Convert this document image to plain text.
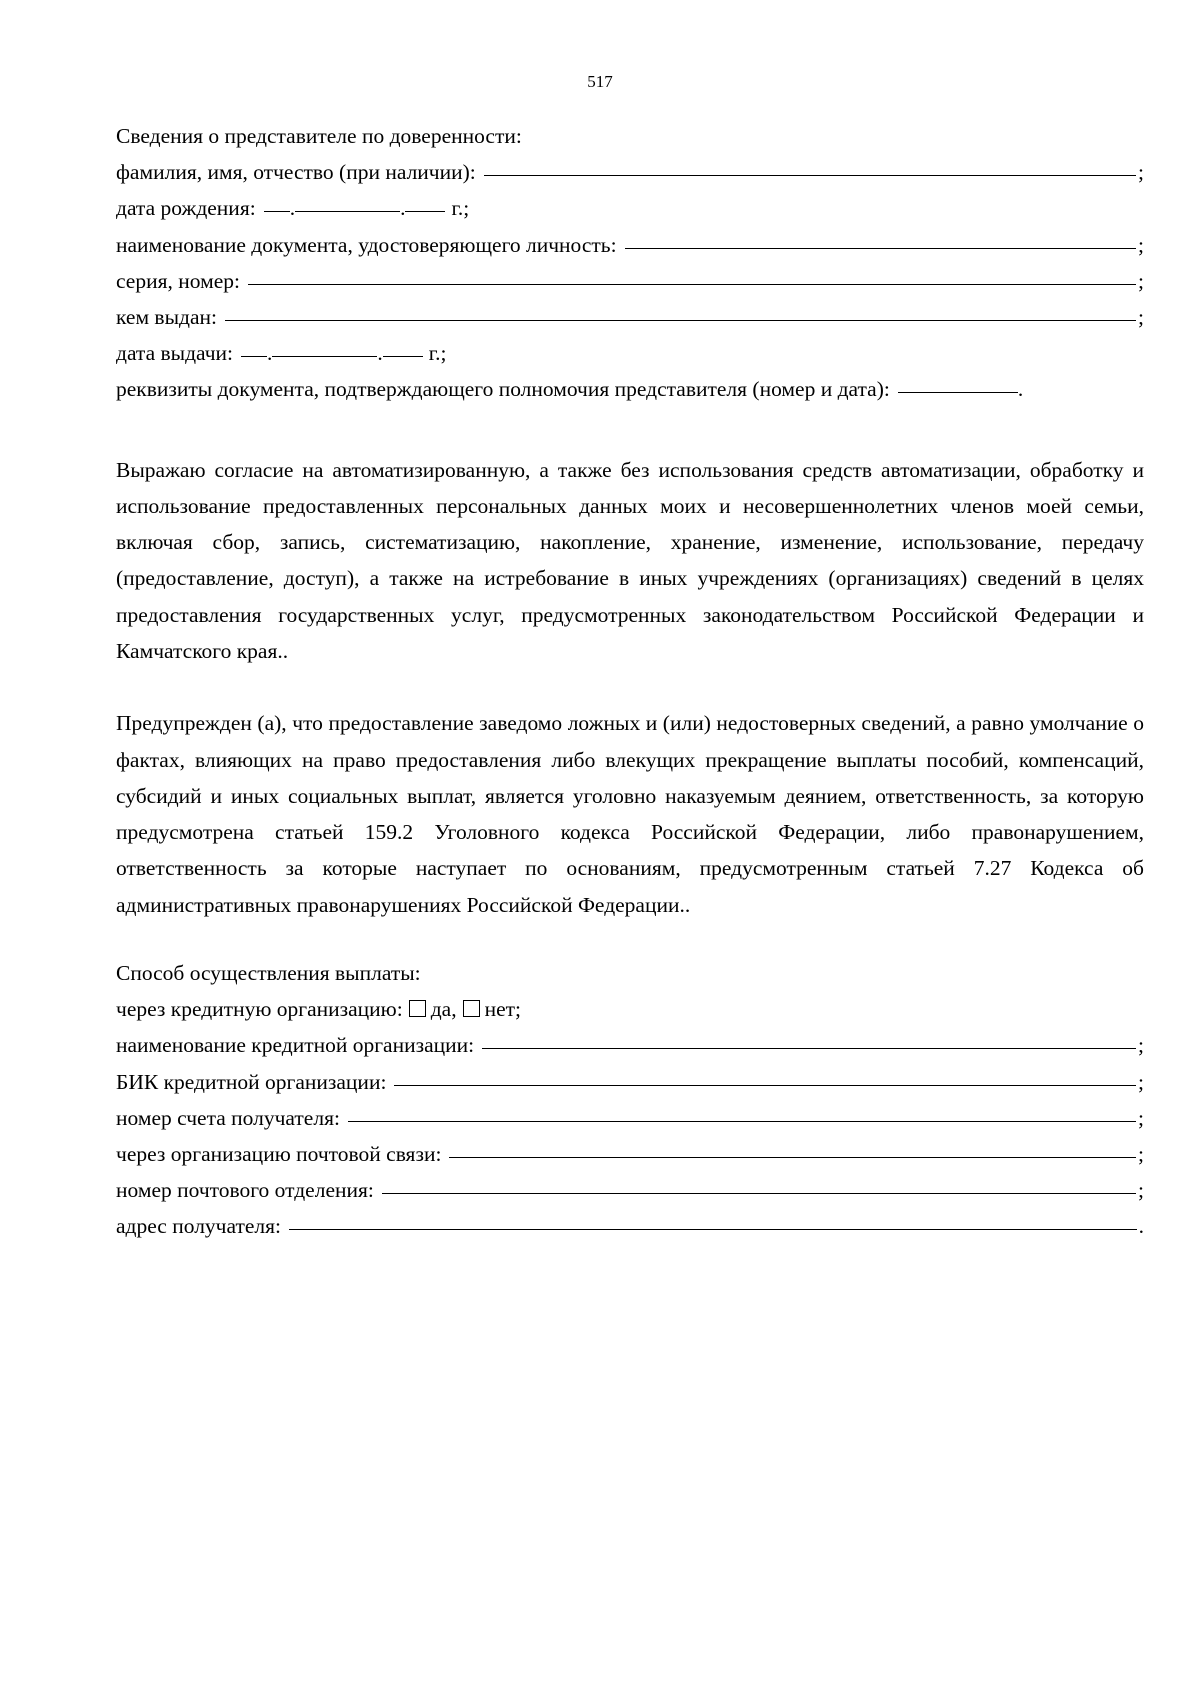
517
Сведения о представителе по доверенности:
фамилия, имя, отчество (при наличии):	;
дата рождения: .	. г.;
наименование документа, удостоверяющего личность:	;
серия, номер:	;
кем выдан:	;
дата выдачи: .	. г.;
реквизиты документа, подтверждающего полномочия представителя (номер и дата):	.

Выражаю согласие на автоматизированную, а также без использования средств автоматизации, обработку и использование предоставленных персональных данных моих и несовершеннолетних членов моей семьи, включая сбор, запись, систематизацию, накопление, хранение, изменение, использование, передачу (предоставление, доступ), а также на истребование в иных учреждениях (организациях) сведений в целях предоставления государственных услуг, предусмотренных законодательством Российской Федерации и Камчатского края..

Предупрежден (а), что предоставление заведомо ложных и (или) недостоверных сведений, а равно умолчание о фактах, влияющих на право предоставления либо влекущих прекращение выплаты пособий, компенсаций, субсидий и иных социальных выплат, является уголовно наказуемым деянием, ответственность, за которую предусмотрена статьей 159.2 Уголовного кодекса Российской Федерации, либо правонарушением, ответственность за которые наступает по основаниям, предусмотренным статьей 7.27 Кодекса об административных правонарушениях Российской Федерации..

Способ осуществления выплаты:
через кредитную организацию: да, нет;
наименование кредитной организации:	;
БИК кредитной организации:	;
номер счета получателя:	;
через организацию почтовой связи:	;
номер почтового отделения:	;
адрес получателя:	.
